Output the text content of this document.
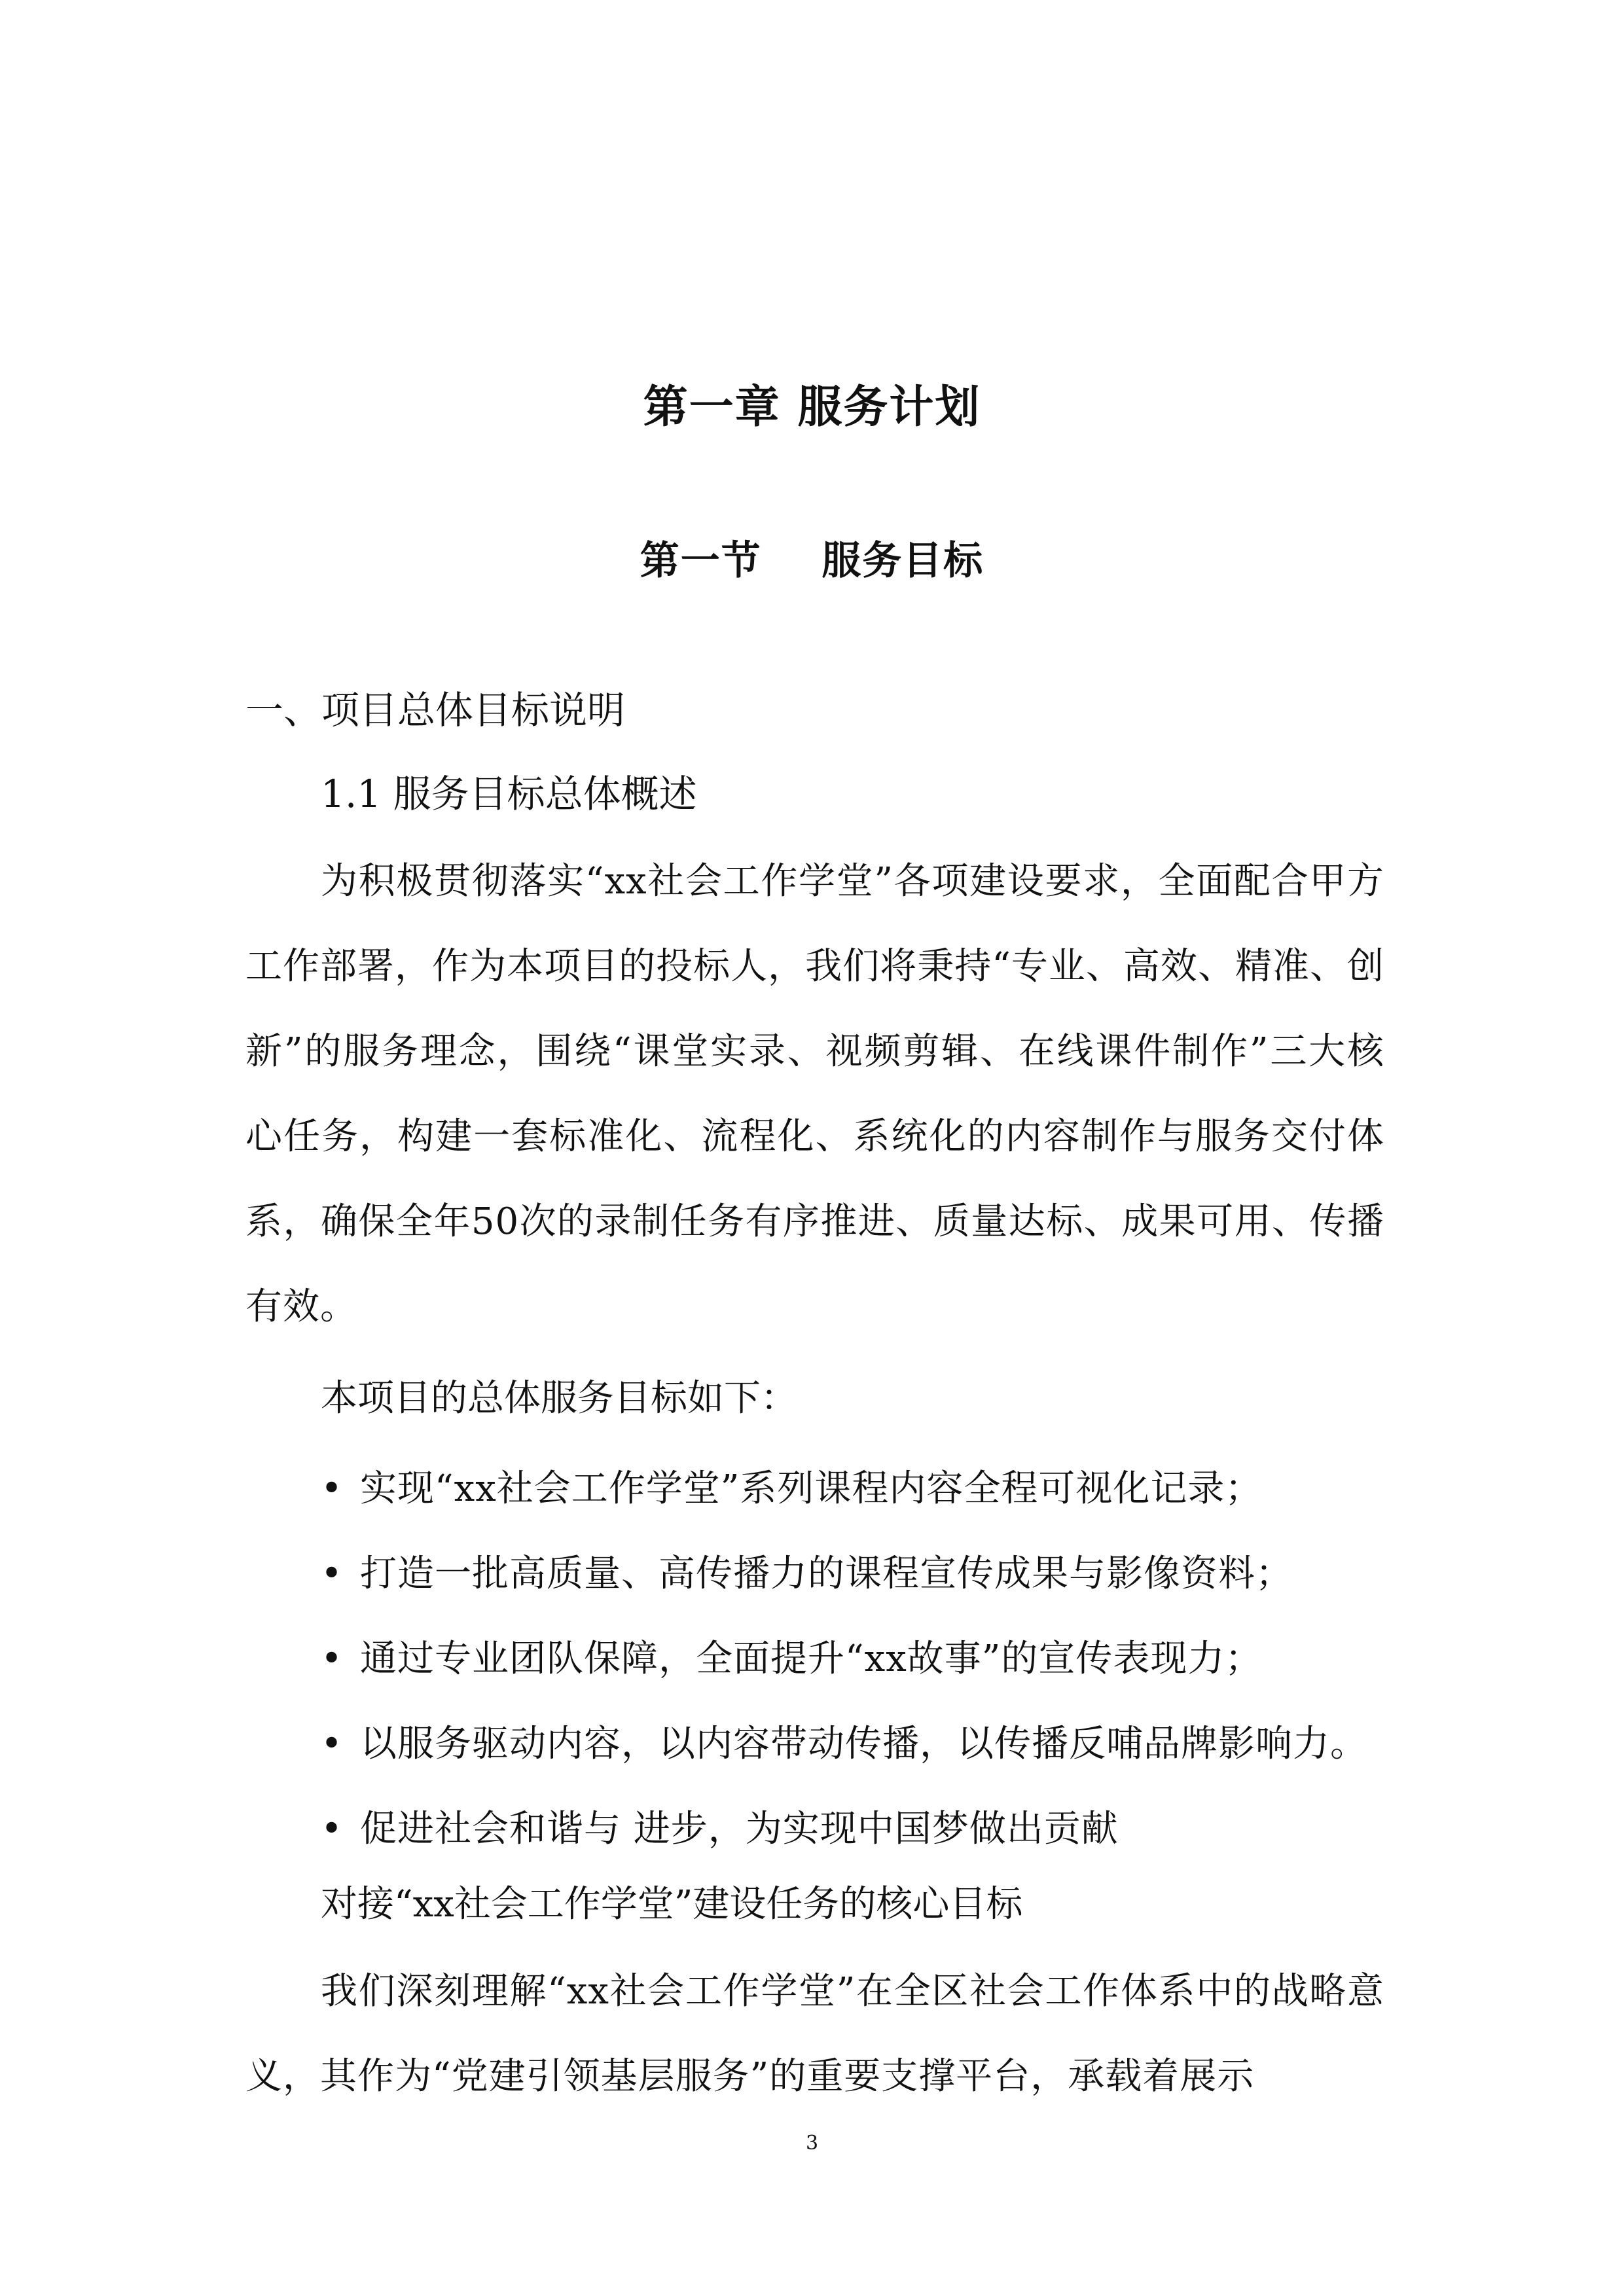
第一章 服务计划
第一节    服务目标
一、项目总体目标说明
1.1 服务目标总体概述
为积极贯彻落实“xx社会工作学堂”各项建设要求，全面配合甲方工作部署，作为本项目的投标人，我们将秉持“专业、高效、精准、创新”的服务理念，围绕“课堂实录、视频剪辑、在线课件制作”三大核心任务，构建一套标准化、流程化、系统化的内容制作与服务交付体系，确保全年50次的录制任务有序推进、质量达标、成果可用、传播有效。
本项目的总体服务目标如下：
• 实现“xx社会工作学堂”系列课程内容全程可视化记录；
• 打造一批高质量、高传播力的课程宣传成果与影像资料；
• 通过专业团队保障，全面提升“xx故事”的宣传表现力；
• 以服务驱动内容，以内容带动传播，以传播反哺品牌影响力。
• 促进社会和谐与 进步，为实现中国梦做出贡献
对接“xx社会工作学堂”建设任务的核心目标
我们深刻理解“xx社会工作学堂”在全区社会工作体系中的战略意义，其作为“党建引领基层服务”的重要支撑平台，承载着展示
3
